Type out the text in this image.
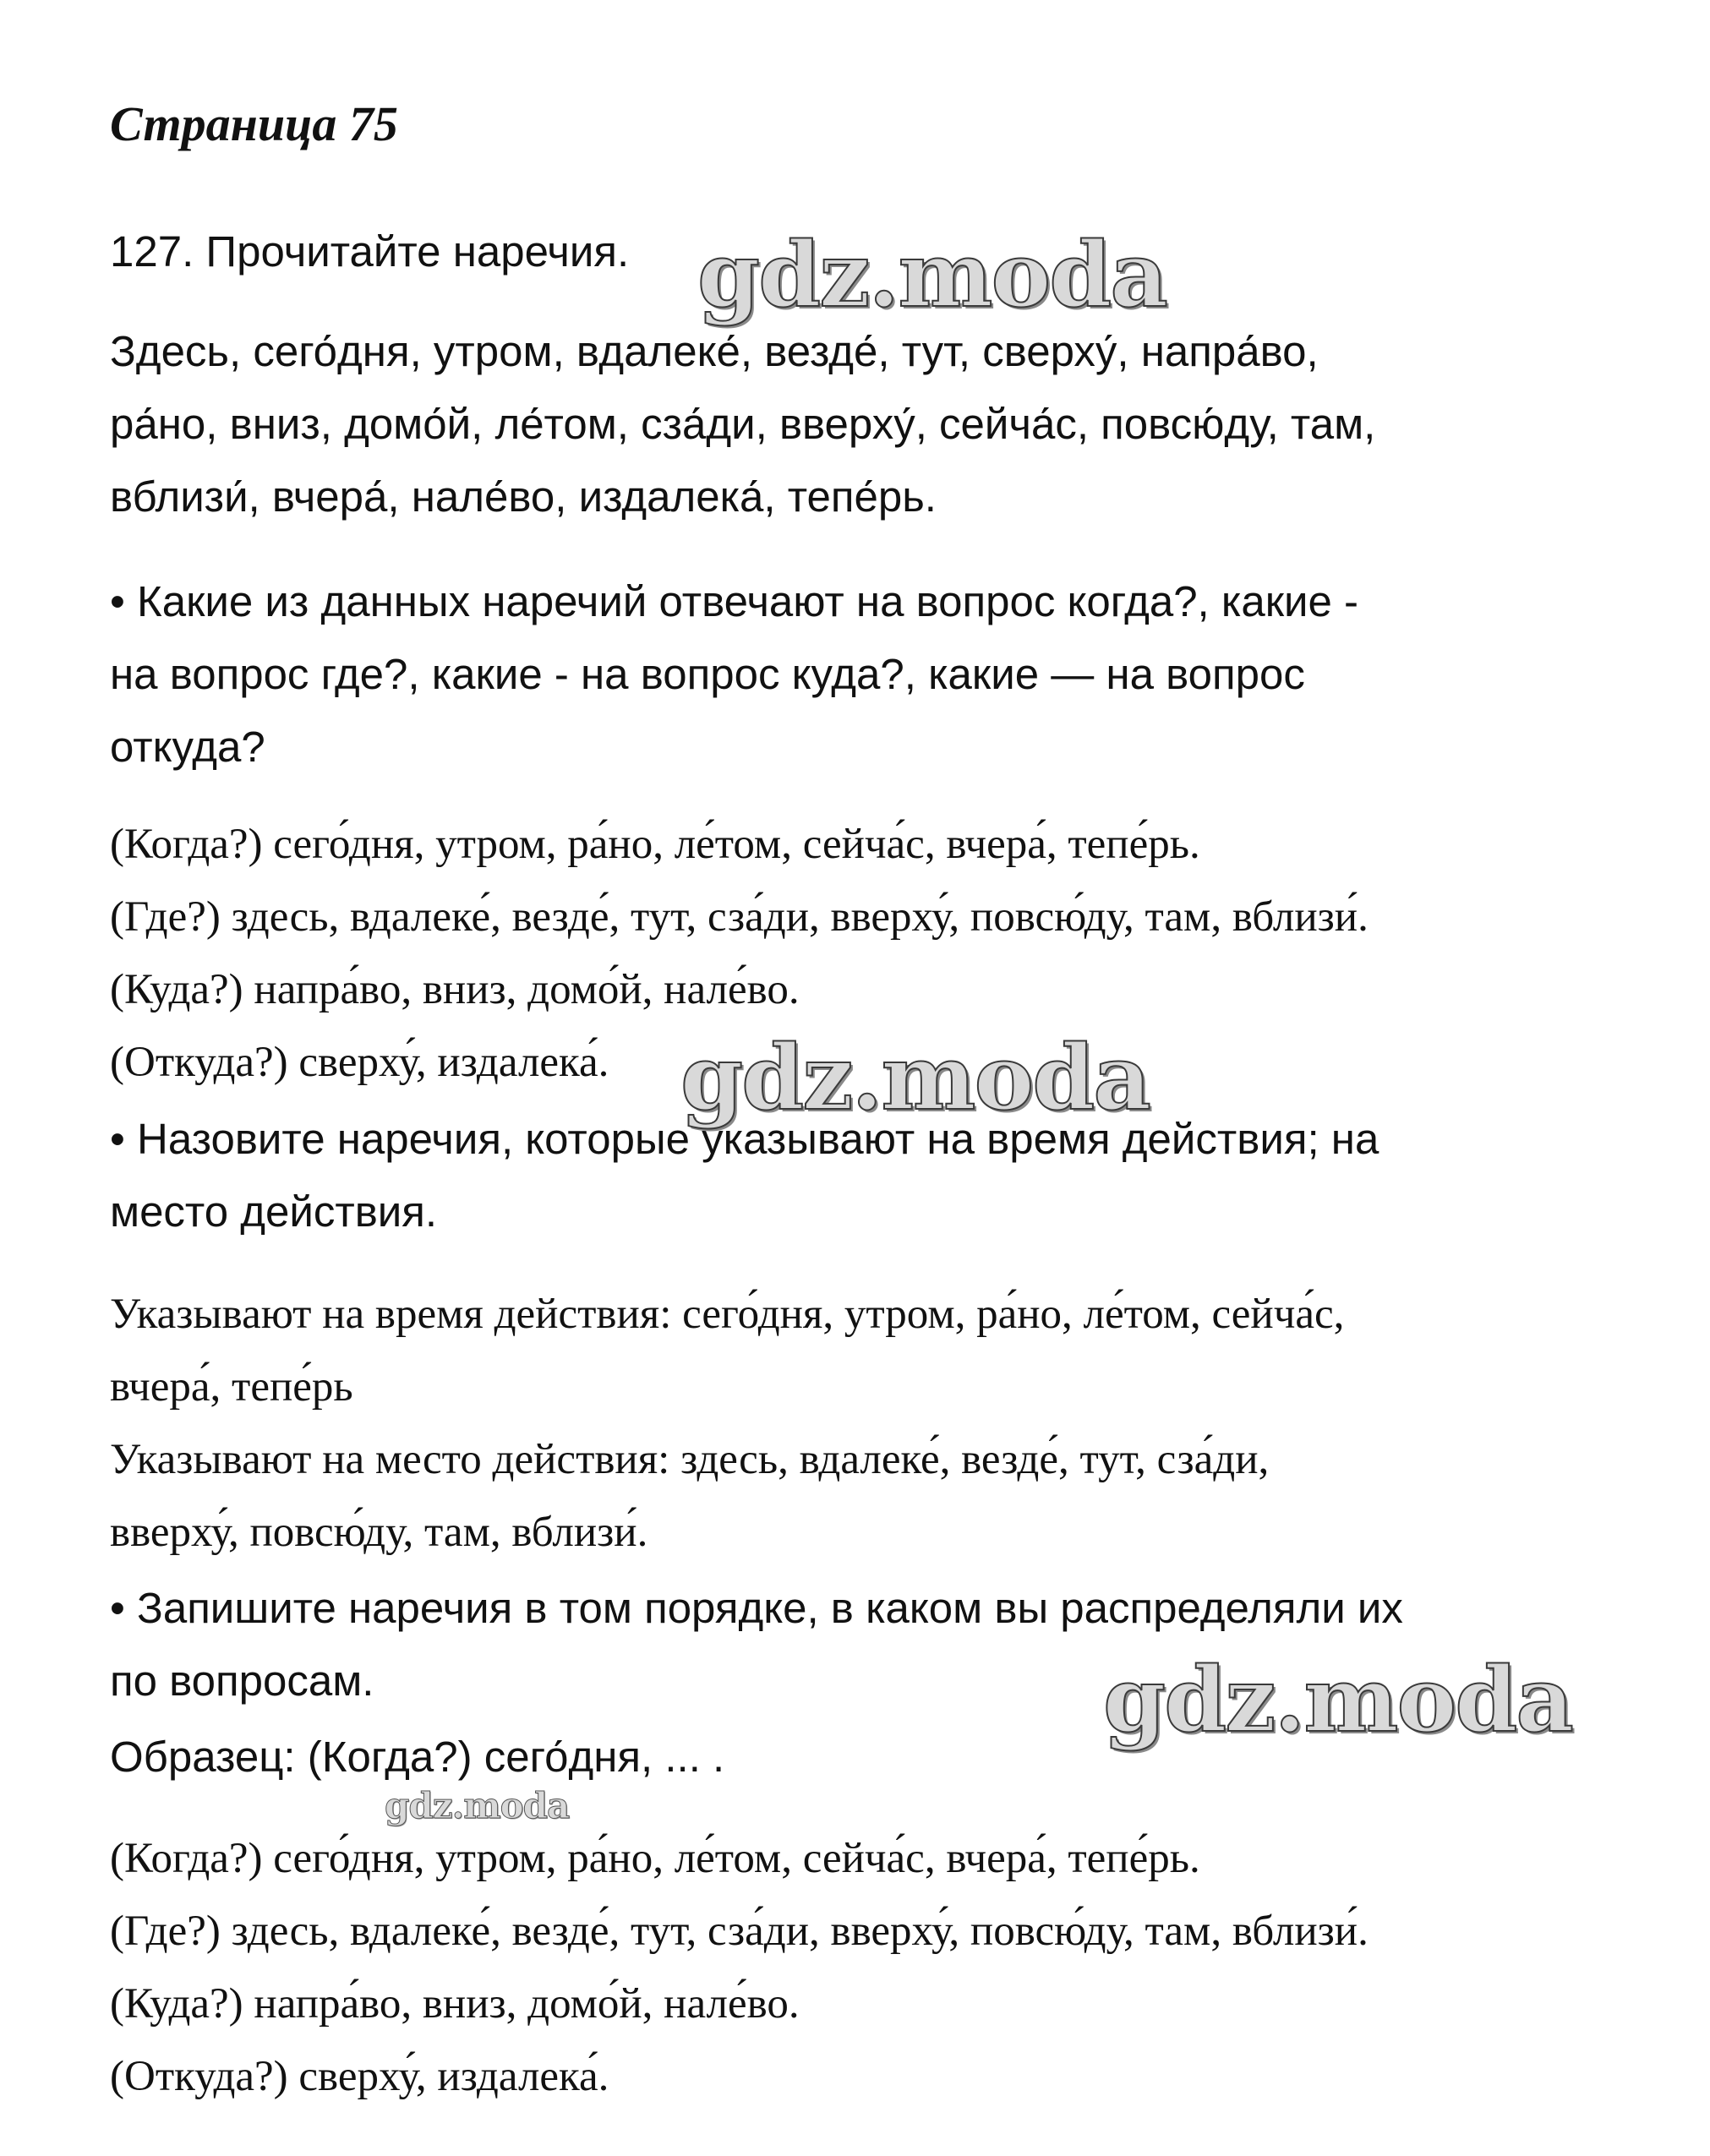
Страница 75
127. Прочитайте наречия.
Здесь, сего́дня, утром, вдалеке́, везде́, тут, сверху́, напра́во,
ра́но, вниз, домо́й, ле́том, сза́ди, вверху́, сейча́с, повсю́ду, там,
вблизи́, вчера́, нале́во, издалека́, тепе́рь.
• Какие из данных наречий отвечают на вопрос когда?, какие -
на вопрос где?, какие - на вопрос куда?, какие — на вопрос
откуда?
(Когда?) сего́дня, утром, ра́но, ле́том, сейча́с, вчера́, тепе́рь.
(Где?) здесь, вдалеке́, везде́, тут, сза́ди, вверху́, повсю́ду, там, вблизи́.
(Куда?) напра́во, вниз, домо́й, нале́во.
(Откуда?) сверху́, издалека́.
• Назовите наречия, которые указывают на время действия; на
место действия.
Указывают на время действия: сего́дня, утром, ра́но, ле́том, сейча́с,
вчера́, тепе́рь
Указывают на место действия: здесь, вдалеке́, везде́, тут, сза́ди,
вверху́, повсю́ду, там, вблизи́.
• Запишите наречия в том порядке, в каком вы распределяли их
по вопросам.
Образец: (Когда?) сего́дня, ... .
(Когда?) сего́дня, утром, ра́но, ле́том, сейча́с, вчера́, тепе́рь.
(Где?) здесь, вдалеке́, везде́, тут, сза́ди, вверху́, повсю́ду, там, вблизи́.
(Куда?) напра́во, вниз, домо́й, нале́во.
(Откуда?) сверху́, издалека́.
gdz.moda
gdz.moda
gdz.moda
gdz.moda
